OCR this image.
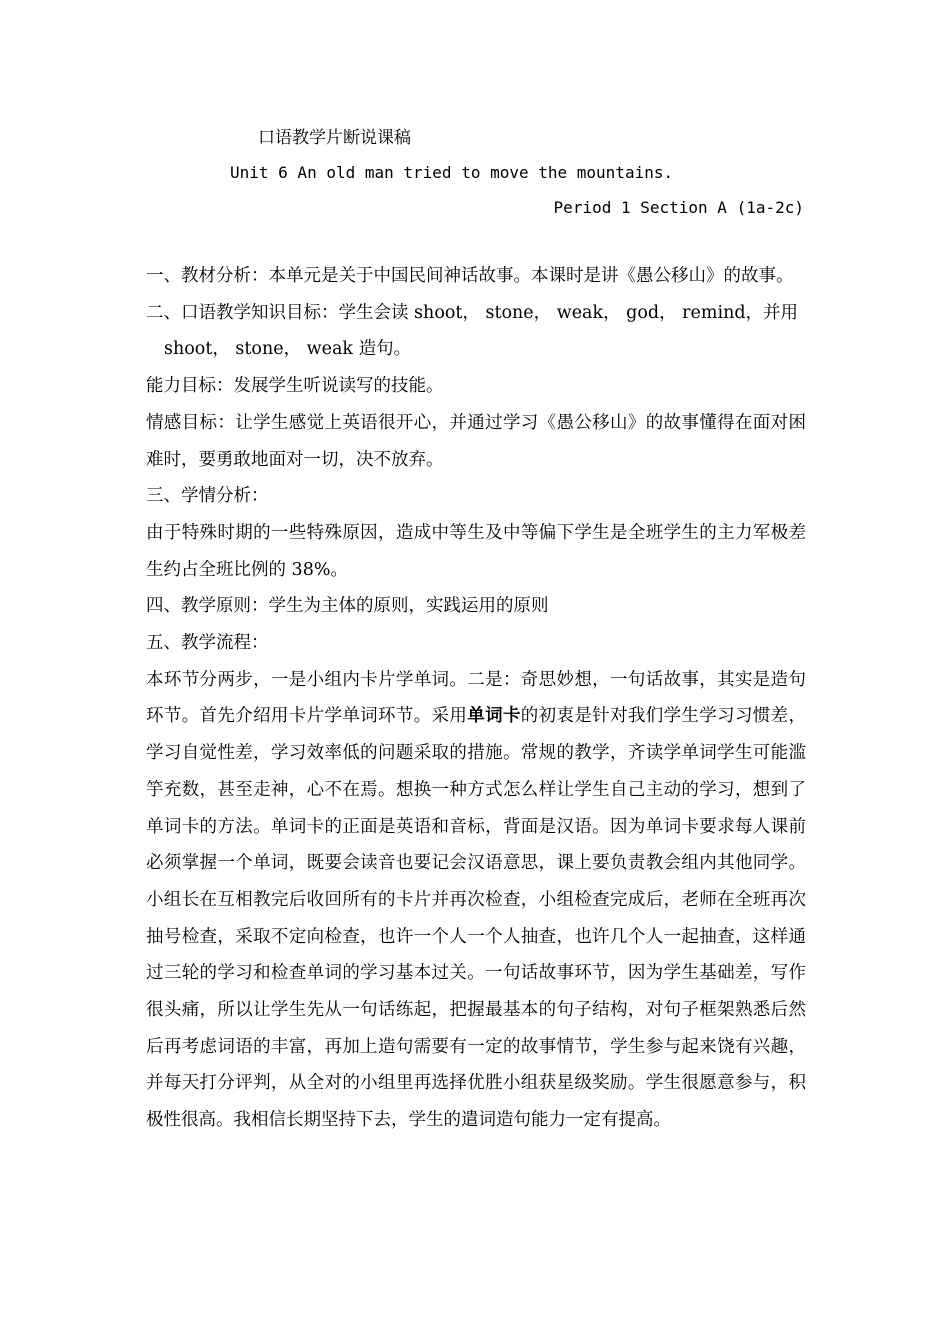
口语教学片断说课稿
Unit 6 An old man tried to move the mountains.
Period 1 Section A (1a-2c)

一、教材分析：本单元是关于中国民间神话故事。本课时是讲《愚公移山》的故事。

二、口语教学知识目标：学生会读 shoot， stone， weak， god， remind，并用

shoot， stone， weak 造句。

能力目标：发展学生听说读写的技能。

情感目标：让学生感觉上英语很开心，并通过学习《愚公移山》的故事懂得在面对困难时，要勇敢地面对一切，决不放弃。

三、学情分析：

由于特殊时期的一些特殊原因，造成中等生及中等偏下学生是全班学生的主力军极差生约占全班比例的 38%。

四、教学原则：学生为主体的原则，实践运用的原则

五、教学流程：

本环节分两步，一是小组内卡片学单词。二是：奇思妙想，一句话故事，其实是造句环节。首先介绍用卡片学单词环节。采用单词卡的初衷是针对我们学生学习习惯差，学习自觉性差，学习效率低的问题采取的措施。常规的教学，齐读学单词学生可能滥竽充数，甚至走神，心不在焉。想换一种方式怎么样让学生自己主动的学习，想到了单词卡的方法。单词卡的正面是英语和音标，背面是汉语。因为单词卡要求每人课前必须掌握一个单词，既要会读音也要记会汉语意思，课上要负责教会组内其他同学。小组长在互相教完后收回所有的卡片并再次检查，小组检查完成后，老师在全班再次抽号检查，采取不定向检查，也许一个人一个人抽查，也许几个人一起抽查，这样通过三轮的学习和检查单词的学习基本过关。一句话故事环节，因为学生基础差，写作很头痛，所以让学生先从一句话练起，把握最基本的句子结构，对句子框架熟悉后然后再考虑词语的丰富，再加上造句需要有一定的故事情节，学生参与起来饶有兴趣，并每天打分评判，从全对的小组里再选择优胜小组获星级奖励。学生很愿意参与，积极性很高。我相信长期坚持下去，学生的遣词造句能力一定有提高。
